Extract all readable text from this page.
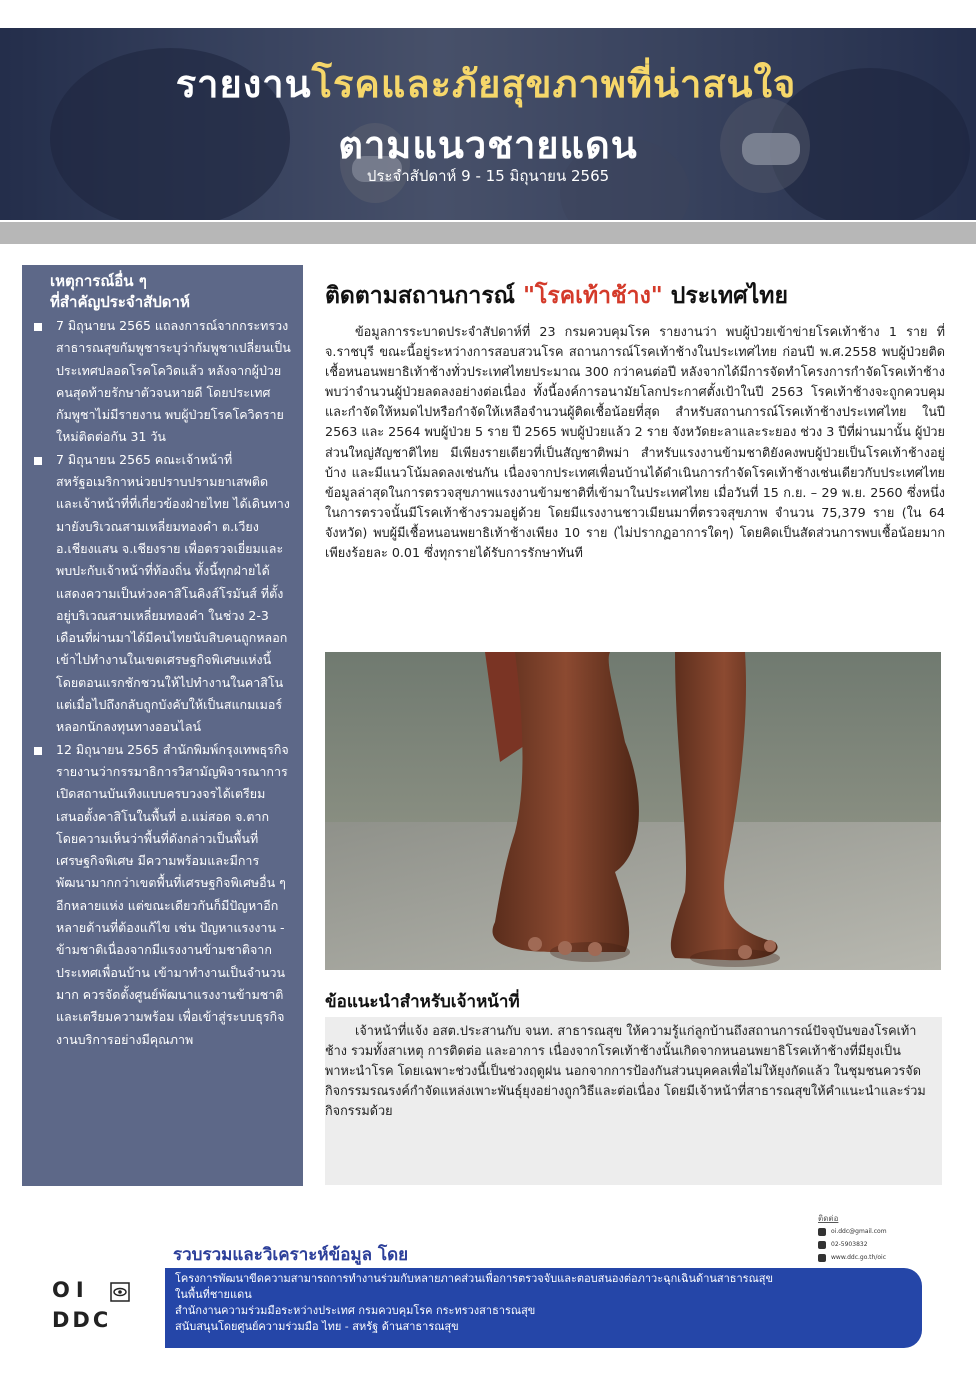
รายงานโรคและภัยสุขภาพที่น่าสนใจ
ตามแนวชายแดน
ประจำสัปดาห์ 9 - 15 มิถุนายน 2565
เหตุการณ์อื่น ๆ
ที่สำคัญประจำสัปดาห์
7 มิถุนายน 2565 แถลงการณ์จากกระทรวงสาธารณสุขกัมพูชาระบุว่ากัมพูชาเปลี่ยนเป็นประเทศปลอดโรคโควิดแล้ว หลังจากผู้ป่วยคนสุดท้ายรักษาตัวจนหายดี โดยประเทศกัมพูชาไม่มีรายงาน พบผู้ป่วยโรคโควิดรายใหม่ติดต่อกัน 31 วัน
7 มิถุนายน 2565 คณะเจ้าหน้าที่สหรัฐอเมริกาหน่วยปราบปรามยาเสพติด และเจ้าหน้าที่ที่เกี่ยวข้องฝ่ายไทย ได้เดินทางมายังบริเวณสามเหลี่ยมทองคำ ต.เวียง อ.เชียงแสน จ.เชียงราย เพื่อตรวจเยี่ยมและพบปะกับเจ้าหน้าที่ท้องถิ่น ทั้งนี้ทุกฝ่ายได้แสดงความเป็นห่วงคาสิโนคิงส์โรมันส์ ที่ตั้งอยู่บริเวณสามเหลี่ยมทองคำ ในช่วง 2-3 เดือนที่ผ่านมาได้มีคนไทยนับสิบคนถูกหลอกเข้าไปทำงานในเขตเศรษฐกิจพิเศษแห่งนี้ โดยตอนแรกชักชวนให้ไปทำงานในคาสิโน แต่เมื่อไปถึงกลับถูกบังคับให้เป็นสแกมเมอร์หลอกนักลงทุนทางออนไลน์
12 มิถุนายน 2565 สำนักพิมพ์กรุงเทพธุรกิจ รายงานว่ากรรมาธิการวิสามัญพิจารณาการเปิดสถานบันเทิงแบบครบวงจรได้เตรียมเสนอตั้งคาสิโนในพื้นที่ อ.แม่สอด จ.ตาก โดยความเห็นว่าพื้นที่ดังกล่าวเป็นพื้นที่เศรษฐกิจพิเศษ มีความพร้อมและมีการพัฒนามากกว่าเขตพื้นที่เศรษฐกิจพิเศษอื่น ๆ อีกหลายแห่ง แต่ขณะเดียวกันก็มีปัญหาอีกหลายด้านที่ต้องแก้ไข เช่น ปัญหาแรงงาน - ข้ามชาติเนื่องจากมีแรงงานข้ามชาติจากประเทศเพื่อนบ้าน เข้ามาทำงานเป็นจำนวนมาก ควรจัดตั้งศูนย์พัฒนาแรงงานข้ามชาติ และเตรียมความพร้อม เพื่อเข้าสู่ระบบธุรกิจงานบริการอย่างมีคุณภาพ
ติดตามสถานการณ์ "โรคเท้าช้าง" ประเทศไทย

ข้อมูลการระบาดประจำสัปดาห์ที่ 23 กรมควบคุมโรค รายงานว่า พบผู้ป่วยเข้าข่ายโรคเท้าช้าง 1 ราย ที่ จ.ราชบุรี ขณะนี้อยู่ระหว่างการสอบสวนโรค สถานการณ์โรคเท้าช้างในประเทศไทย ก่อนปี พ.ศ.2558 พบผู้ป่วยติดเชื้อหนอนพยาธิเท้าช้างทั่วประเทศไทยประมาณ 300 กว่าคนต่อปี หลังจากได้มีการจัดทำโครงการกำจัดโรคเท้าช้าง พบว่าจำนวนผู้ป่วยลดลงอย่างต่อเนื่อง ทั้งนี้องค์การอนามัยโลกประกาศตั้งเป้าในปี 2563 โรคเท้าช้างจะถูกควบคุมและกำจัดให้หมดไปหรือกำจัดให้เหลือจำนวนผู้ติดเชื้อน้อยที่สุด สำหรับสถานการณ์โรคเท้าช้างประเทศไทย ในปี 2563 และ 2564 พบผู้ป่วย 5 ราย ปี 2565 พบผู้ป่วยแล้ว 2 ราย จังหวัดยะลาและระยอง ช่วง 3 ปีที่ผ่านมานั้น ผู้ป่วยส่วนใหญ่สัญชาติไทย มีเพียงรายเดียวที่เป็นสัญชาติพม่า สำหรับแรงงานข้ามชาติยังคงพบผู้ป่วยเป็นโรคเท้าช้างอยู่บ้าง และมีแนวโน้มลดลงเช่นกัน เนื่องจากประเทศเพื่อนบ้านได้ดำเนินการกำจัดโรคเท้าช้างเช่นเดียวกับประเทศไทย ข้อมูลล่าสุดในการตรวจสุขภาพแรงงานข้ามชาติที่เข้ามาในประเทศไทย เมื่อวันที่ 15 ก.ย. – 29 พ.ย. 2560 ซึ่งหนึ่งในการตรวจนั้นมีโรคเท้าช้างรวมอยู่ด้วย โดยมีแรงงานชาวเมียนมาที่ตรวจสุขภาพ จำนวน 75,379 ราย (ใน 64 จังหวัด) พบผู้มีเชื้อหนอนพยาธิเท้าช้างเพียง 10 ราย (ไม่ปรากฏอาการใดๆ) โดยคิดเป็นสัดส่วนการพบเชื้อน้อยมากเพียงร้อยละ 0.01 ซึ่งทุกรายได้รับการรักษาทันที

ข้อแนะนำสำหรับเจ้าหน้าที่

เจ้าหน้าที่แจ้ง อสต.ประสานกับ จนท. สาธารณสุข ให้ความรู้แก่ลูกบ้านถึงสถานการณ์ปัจจุบันของโรคเท้าช้าง รวมทั้งสาเหตุ การติดต่อ และอาการ เนื่องจากโรคเท้าช้างนั้นเกิดจากหนอนพยาธิโรคเท้าช้างที่มียุงเป็นพาหะนำโรค โดยเฉพาะช่วงนี้เป็นช่วงฤดูฝน นอกจากการป้องกันส่วนบุคคลเพื่อไม่ให้ยุงกัดแล้ว ในชุมชนควรจัดกิจกรรมรณรงค์กำจัดแหล่งเพาะพันธุ์ยุงอย่างถูกวิธีและต่อเนื่อง โดยมีเจ้าหน้าที่สาธารณสุขให้คำแนะนำและร่วมกิจกรรมด้วย

ติดต่อ
oi.ddc@gmail.com
02-5903832
www.ddc.go.th/oic
OI
DDC
รวบรวมและวิเคราะห์ข้อมูล โดย
โครงการพัฒนาขีดความสามารถการทำงานร่วมกับหลายภาคส่วนเพื่อการตรวจจับและตอบสนองต่อภาวะฉุกเฉินด้านสาธารณสุข
ในพื้นที่ชายแดน
สำนักงานความร่วมมือระหว่างประเทศ กรมควบคุมโรค กระทรวงสาธารณสุข
สนับสนุนโดยศูนย์ความร่วมมือ ไทย - สหรัฐ ด้านสาธารณสุข
